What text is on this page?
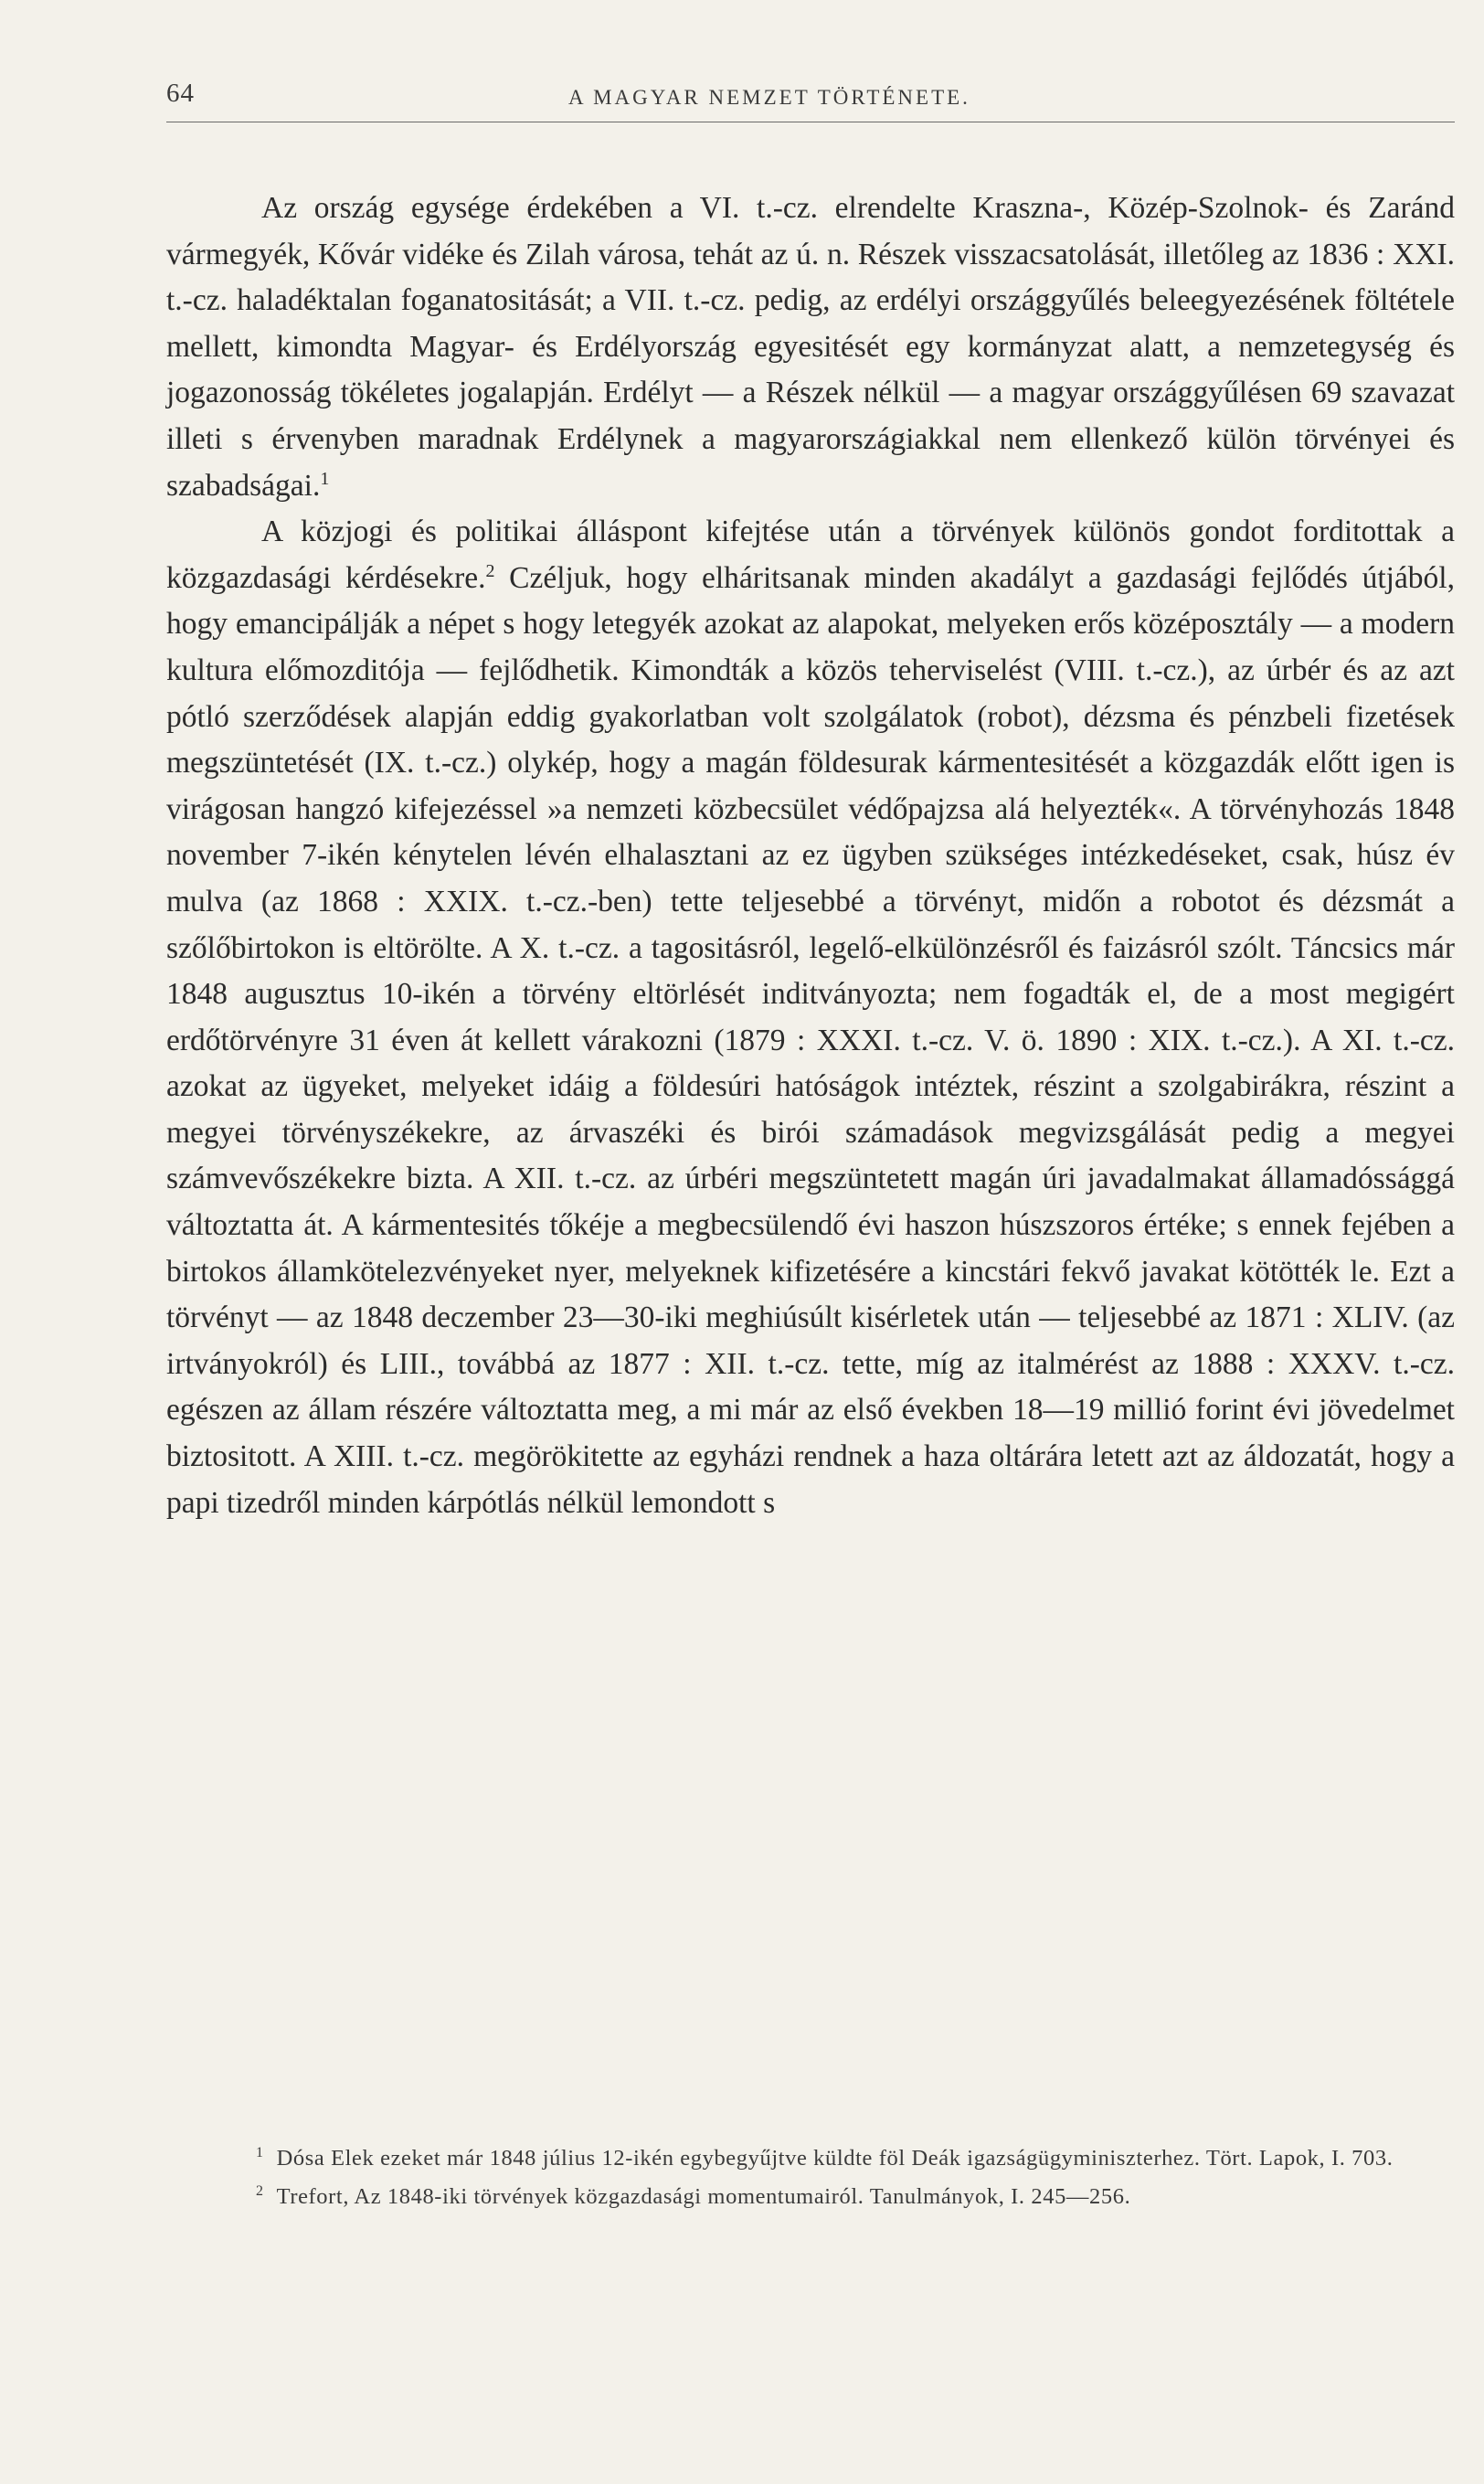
64	A MAGYAR NEMZET TÖRTÉNETE.

Az ország egysége érdekében a VI. t.-cz. elrendelte Kraszna-, Közép-Szolnok- és Zaránd vármegyék, Kővár vidéke és Zilah városa, tehát az ú. n. Részek visszacsatolását, illetőleg az 1836 : XXI. t.-cz. haladéktalan foganatositását; a VII. t.-cz. pedig, az erdélyi országgyűlés beleegyezésének föltétele mellett, kimondta Magyar- és Erdélyország egyesitését egy kormányzat alatt, a nemzetegység és jogazonosság tökéletes jogalapján. Erdélyt — a Részek nélkül — a magyar országgyűlésen 69 szavazat illeti s érvenyben maradnak Erdélynek a magyarországiakkal nem ellenkező külön törvényei és szabadságai.$^1$

A közjogi és politikai álláspont kifejtése után a törvények különös gondot forditottak a közgazdasági kérdésekre.$^2$ Czéljuk, hogy elháritsanak minden akadályt a gazdasági fejlődés útjából, hogy emancipálják a népet s hogy letegyék azokat az alapokat, melyeken erős középosztály — a modern kultura előmozditója — fejlődhetik. Kimondták a közös teherviselést (VIII. t.-cz.), az úrbér és az azt pótló szerződések alapján eddig gyakorlatban volt szolgálatok (robot), dézsma és pénzbeli fizetések megszüntetését (IX. t.-cz.) olykép, hogy a magán földesurak kármentesitését a közgazdák előtt igen is virágosan hangzó kifejezéssel »a nemzeti közbecsület védőpajzsa alá helyezték«. A törvényhozás 1848 november 7-ikén kénytelen lévén elhalasztani az ez ügyben szükséges intézkedéseket, csak, húsz év mulva (az 1868 : XXIX. t.-cz.-ben) tette teljesebbé a törvényt, midőn a robotot és dézsmát a szőlőbirtokon is eltörölte. A X. t.-cz. a tagositásról, legelő-elkülönzésről és faizásról szólt. Táncsics már 1848 augusztus 10-ikén a törvény eltörlését inditványozta; nem fogadták el, de a most megigért erdőtörvényre 31 éven át kellett várakozni (1879 : XXXI. t.-cz. V. ö. 1890 : XIX. t.-cz.). A XI. t.-cz. azokat az ügyeket, melyeket idáig a földesúri hatóságok intéztek, részint a szolgabirákra, részint a megyei törvényszékekre, az árvaszéki és birói számadások megvizsgálását pedig a megyei számvevőszékekre bizta. A XII. t.-cz. az úrbéri megszüntetett magán úri javadalmakat államadóssággá változtatta át. A kármentesités tőkéje a megbecsülendő évi haszon húszszoros értéke; s ennek fejében a birtokos államkötelezvényeket nyer, melyeknek kifizetésére a kincstári fekvő javakat kötötték le. Ezt a törvényt — az 1848 deczember 23—30-iki meghiúsúlt kisérletek után — teljesebbé az 1871 : XLIV. (az irtványokról) és LIII., továbbá az 1877 : XII. t.-cz. tette, míg az italmérést az 1888 : XXXV. t.-cz. egészen az állam részére változtatta meg, a mi már az első években 18—19 millió forint évi jövedelmet biztositott. A XIII. t.-cz. megörökitette az egyházi rendnek a haza oltárára letett azt az áldozatát, hogy a papi tizedről minden kárpótlás nélkül lemondott s

$^1$ Dósa Elek ezeket már 1848 július 12-ikén egybegyűjtve küldte föl Deák igazságügyminiszterhez. Tört. Lapok, I. 703.

$^2$ Trefort, Az 1848-iki törvények közgazdasági momentumairól. Tanulmányok, I. 245—256.
